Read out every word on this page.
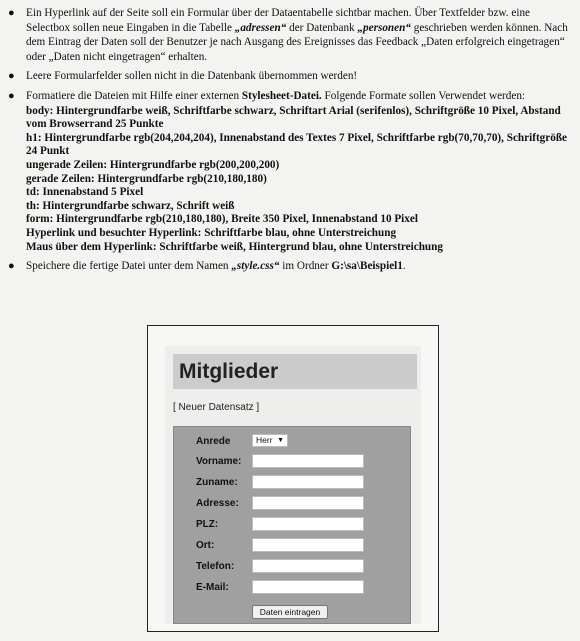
● Ein Hyperlink auf der Seite soll ein Formular über der Dataentabelle sichtbar machen. Über Textfelder bzw. eine Selectbox sollen neue Eingaben in die Tabelle „adressen“ der Datenbank „personen“ geschrieben werden können. Nach dem Eintrag der Daten soll der Benutzer je nach Ausgang des Ereignisses das Feedback „Daten erfolgreich eingetragen“ oder „Daten nicht eingetragen“ erhalten.
● Leere Formularfelder sollen nicht in die Datenbank übernommen werden!
● Formatiere die Dateien mit Hilfe einer externen Stylesheet-Datei. Folgende Formate sollen Verwendet werden:
body: Hintergrundfarbe weiß, Schriftfarbe schwarz, Schriftart Arial (serifenlos), Schriftgröße 10 Pixel, Abstand vom Browserrand 25 Punkte
h1: Hintergrundfarbe rgb(204,204,204), Innenabstand des Textes 7 Pixel, Schriftfarbe rgb(70,70,70), Schriftgröße 24 Punkt
ungerade Zeilen: Hintergrundfarbe rgb(200,200,200)
gerade Zeilen: Hintergrundfarbe rgb(210,180,180)
td: Innenabstand 5 Pixel
th: Hintergrundfarbe schwarz, Schrift weiß
form: Hintergrundfarbe rgb(210,180,180), Breite 350 Pixel, Innenabstand 10 Pixel
Hyperlink und besuchter Hyperlink: Schriftfarbe blau, ohne Unterstreichung
Maus über dem Hyperlink: Schriftfarbe weiß, Hintergrund blau, ohne Unterstreichung
● Speichere die fertige Datei unter dem Namen „style.css“ im Ordner G:\sa\Beispiel1.
Mitglieder
[ Neuer Datensatz ]
Anrede	Herr ▼
Vorname:
Zuname:
Adresse:
PLZ:
Ort:
Telefon:
E-Mail:
Daten eintragen
